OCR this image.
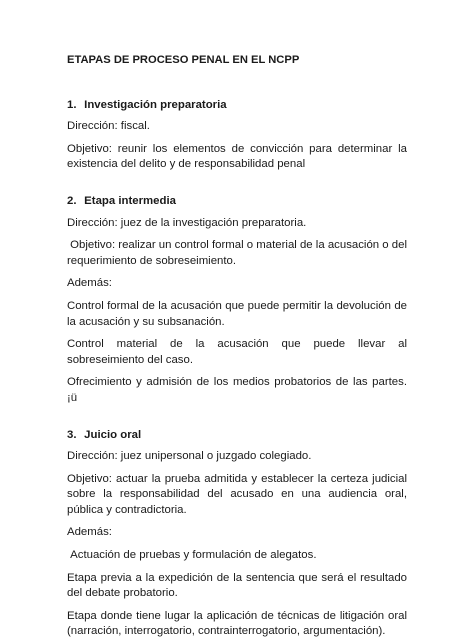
ETAPAS DE PROCESO PENAL EN EL NCPP
1. Investigación preparatoria
Dirección: fiscal.
Objetivo: reunir los elementos de convicción para determinar la existencia del delito y de responsabilidad penal
2. Etapa intermedia
Dirección: juez de la investigación preparatoria.
Objetivo: realizar un control formal o material de la acusación o del requerimiento de sobreseimiento.
Además:
Control formal de la acusación que puede permitir la devolución de la acusación y su subsanación.
Control material de la acusación que puede llevar al sobreseimiento del caso.
Ofrecimiento y admisión de los medios probatorios de las partes. ¡ü
3. Juicio oral
Dirección: juez unipersonal o juzgado colegiado.
Objetivo: actuar la prueba admitida y establecer la certeza judicial sobre la responsabilidad del acusado en una audiencia oral, pública y contradictoria.
Además:
Actuación de pruebas y formulación de alegatos.
Etapa previa a la expedición de la sentencia que será el resultado del debate probatorio.
Etapa donde tiene lugar la aplicación de técnicas de litigación oral (narración, interrogatorio, contrainterrogatorio, argumentación).
